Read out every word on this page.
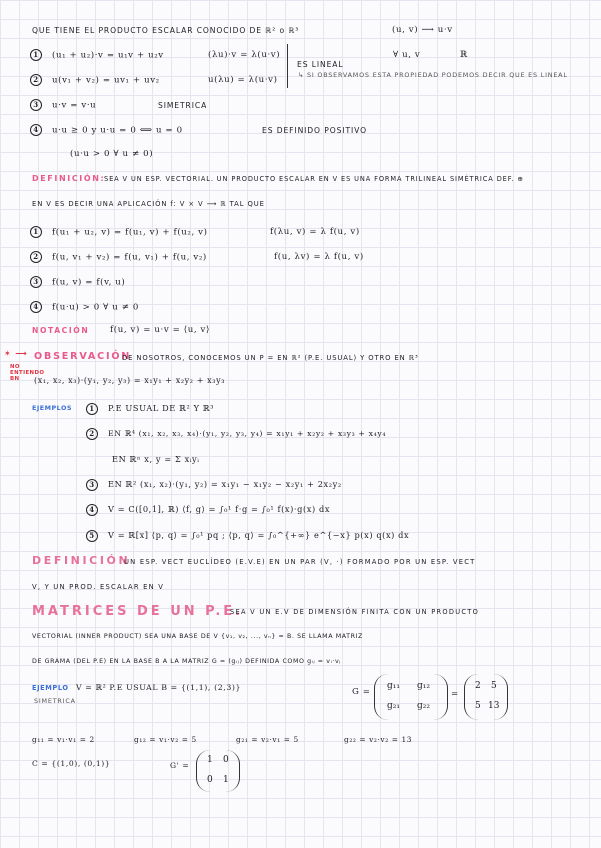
QUE TIENE EL PRODUCTO ESCALAR CONOCIDO DE ℝ² o ℝ³	(u, v) ⟶ u·v
1 (u₁ + u₂)·v = u₁v + u₂v	(λu)·v = λ(u·v)
2 u(v₁ + v₂) = uv₁ + uv₂	u(λu) = λ(u·v)
∀ u, v	ℝ
ES LINEAL
↳ SI OBSERVAMOS ESTA PROPIEDAD PODEMOS DECIR QUE ES LINEAL
3 u·v = v·u	SIMETRICA
4 u·u ≥ 0 y u·u = 0 ⟺ u = 0	ES DEFINIDO POSITIVO
(u·u > 0 ∀ u ≠ 0)
DEFINICIÓN:
SEA V UN ESP. VECTORIAL. UN PRODUCTO ESCALAR EN V ES UNA FORMA TRILINEAL SIMÉTRICA DEF. ⊕
EN V ES DECIR UNA APLICACIÓN f: V × V ⟶ ℝ TAL QUE
1 f(u₁ + u₂, v) = f(u₁, v) + f(u₂, v)	f(λu, v) = λ f(u, v)
2 f(u, v₁ + v₂) = f(u, v₁) + f(u, v₂)	f(u, λv) = λ f(u, v)
3 f(u, v) = f(v, u)
4 f(u·u) > 0 ∀ u ≠ 0
NOTACIÓN f(u, v) = u·v = ⟨u, v⟩
✶ ⟶
NO ENTIENDO BN
OBSERVACIÓN
DE NOSOTROS, CONOCEMOS UN P = EN ℝ² (P.E. USUAL) Y OTRO EN ℝ³
(x₁, x₂, x₃)·(y₁, y₂, y₃) = x₁y₁ + x₂y₂ + x₃y₃
EJEMPLOS	1 P.E USUAL DE ℝ² Y ℝ³
2 EN ℝ⁴ (x₁, x₂, x₃, x₄)·(y₁, y₂, y₃, y₄) = x₁y₁ + x₂y₂ + x₃y₃ + x₄y₄
EN ℝⁿ x, y = Σ xᵢyᵢ
3 EN ℝ² (x₁, x₂)·(y₁, y₂) = x₁y₁ − x₁y₂ − x₂y₁ + 2x₂y₂
4 V = C([0,1], ℝ) ⟨f, g⟩ = ∫₀¹ f·g = ∫₀¹ f(x)·g(x) dx
5 V = ℝ[x] ⟨p, q⟩ = ∫₀¹ pq ; ⟨p, q⟩ = ∫₀^{+∞} e^{−x} p(x) q(x) dx
DEFINICIÓN
UN ESP. VECT EUCLÍDEO (E.V.E) EN UN PAR (V, ·) FORMADO POR UN ESP. VECT
V, Y UN PROD. ESCALAR EN V
MATRICES DE UN P.E.
SEA V UN E.V DE DIMENSIÓN FINITA CON UN PRODUCTO
VECTORIAL (INNER PRODUCT) SEA UNA BASE DE V {v₁, v₂, ..., vₙ} = B. SE LLAMA MATRIZ
DE GRAMA (DEL P.E) EN LA BASE B A LA MATRIZ G = (gᵢⱼ) DEFINIDA COMO gᵢⱼ = vᵢ·vⱼ
EJEMPLO
SIMETRICA
V = ℝ² P.E USUAL B = {(1,1), (2,3)}	G =
g₁₁ g₁₂
g₂₁ g₂₂
=
2 5
5 13
g₁₁ = v₁·v₁ = 2	g₁₂ = v₁·v₂ = 5	g₂₁ = v₂·v₁ = 5	g₂₂ = v₂·v₂ = 13
C = {(1,0), (0,1)}	G' =
1 0
0 1
